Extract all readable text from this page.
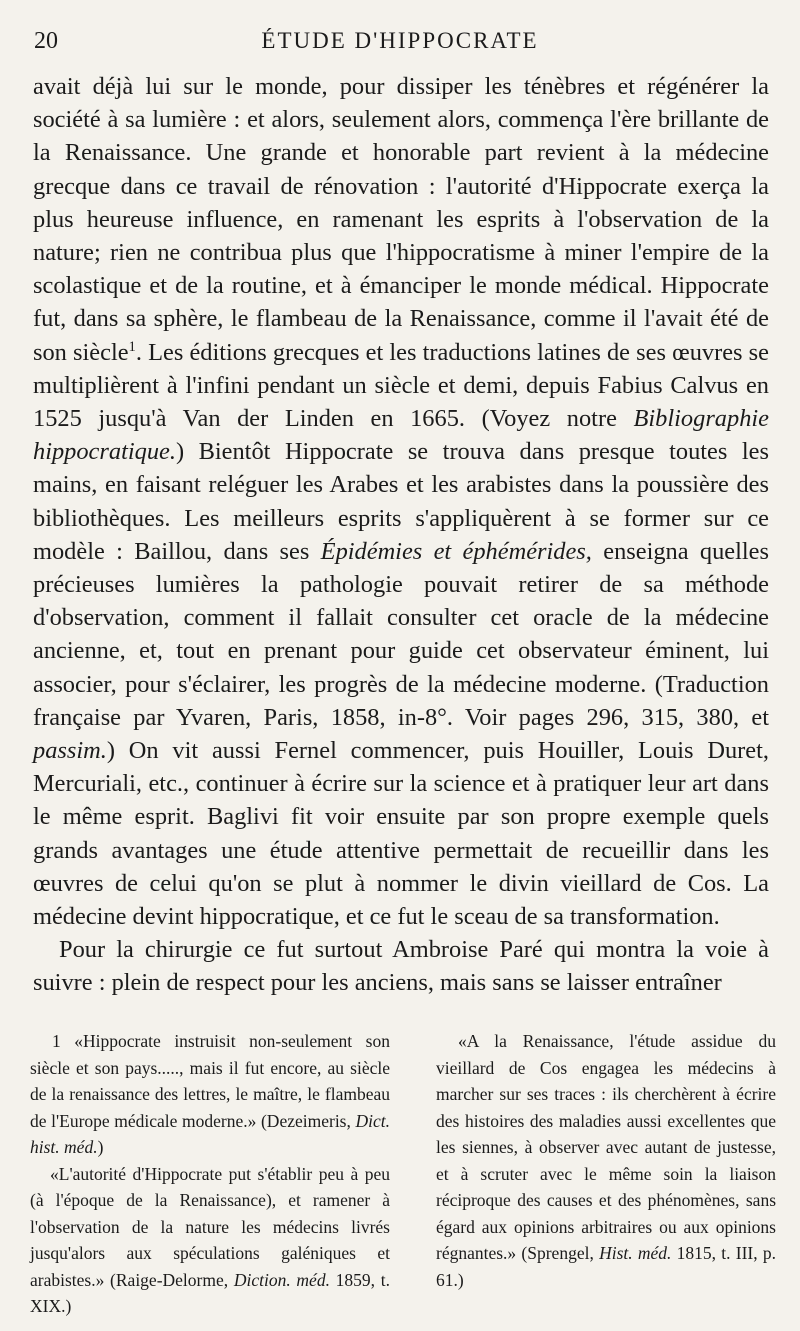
20	ÉTUDE D'HIPPOCRATE

avait déjà lui sur le monde, pour dissiper les ténèbres et régénérer la société à sa lumière : et alors, seulement alors, commença l'ère brillante de la Renaissance. Une grande et honorable part revient à la médecine grecque dans ce travail de rénovation : l'autorité d'Hippocrate exerça la plus heureuse influence, en ramenant les esprits à l'observation de la nature; rien ne contribua plus que l'hippocratisme à miner l'empire de la scolastique et de la routine, et à émanciper le monde médical. Hippocrate fut, dans sa sphère, le flambeau de la Renaissance, comme il l'avait été de son siècle$^1$. Les éditions grecques et les traductions latines de ses œuvres se multiplièrent à l'infini pendant un siècle et demi, depuis Fabius Calvus en 1525 jusqu'à Van der Linden en 1665. (Voyez notre Bibliographie hippocratique.) Bientôt Hippocrate se trouva dans presque toutes les mains, en faisant reléguer les Arabes et les arabistes dans la poussière des bibliothèques. Les meilleurs esprits s'appliquèrent à se former sur ce modèle : Baillou, dans ses Épidémies et éphémérides, enseigna quelles précieuses lumières la pathologie pouvait retirer de sa méthode d'observation, comment il fallait consulter cet oracle de la médecine ancienne, et, tout en prenant pour guide cet observateur éminent, lui associer, pour s'éclairer, les progrès de la médecine moderne. (Traduction française par Yvaren, Paris, 1858, in-8°. Voir pages 296, 315, 380, et passim.) On vit aussi Fernel commencer, puis Houiller, Louis Duret, Mercuriali, etc., continuer à écrire sur la science et à pratiquer leur art dans le même esprit. Baglivi fit voir ensuite par son propre exemple quels grands avantages une étude attentive permettait de recueillir dans les œuvres de celui qu'on se plut à nommer le divin vieillard de Cos. La médecine devint hippocratique, et ce fut le sceau de sa transformation.

Pour la chirurgie ce fut surtout Ambroise Paré qui montra la voie à suivre : plein de respect pour les anciens, mais sans se laisser entraîner

1 «Hippocrate instruisit non-seulement son siècle et son pays....., mais il fut encore, au siècle de la renaissance des lettres, le maître, le flambeau de l'Europe médicale moderne.» (Dezeimeris, Dict. hist. méd.)

«L'autorité d'Hippocrate put s'établir peu à peu (à l'époque de la Renaissance), et ramener à l'observation de la nature les médecins livrés jusqu'alors aux spéculations galéniques et arabistes.» (Raige-Delorme, Diction. méd. 1859, t. XIX.)

«A la Renaissance, l'étude assidue du vieillard de Cos engagea les médecins à marcher sur ses traces : ils cherchèrent à écrire des histoires des maladies aussi excellentes que les siennes, à observer avec autant de justesse, et à scruter avec le même soin la liaison réciproque des causes et des phénomènes, sans égard aux opinions arbitraires ou aux opinions régnantes.» (Sprengel, Hist. méd. 1815, t. III, p. 61.)
